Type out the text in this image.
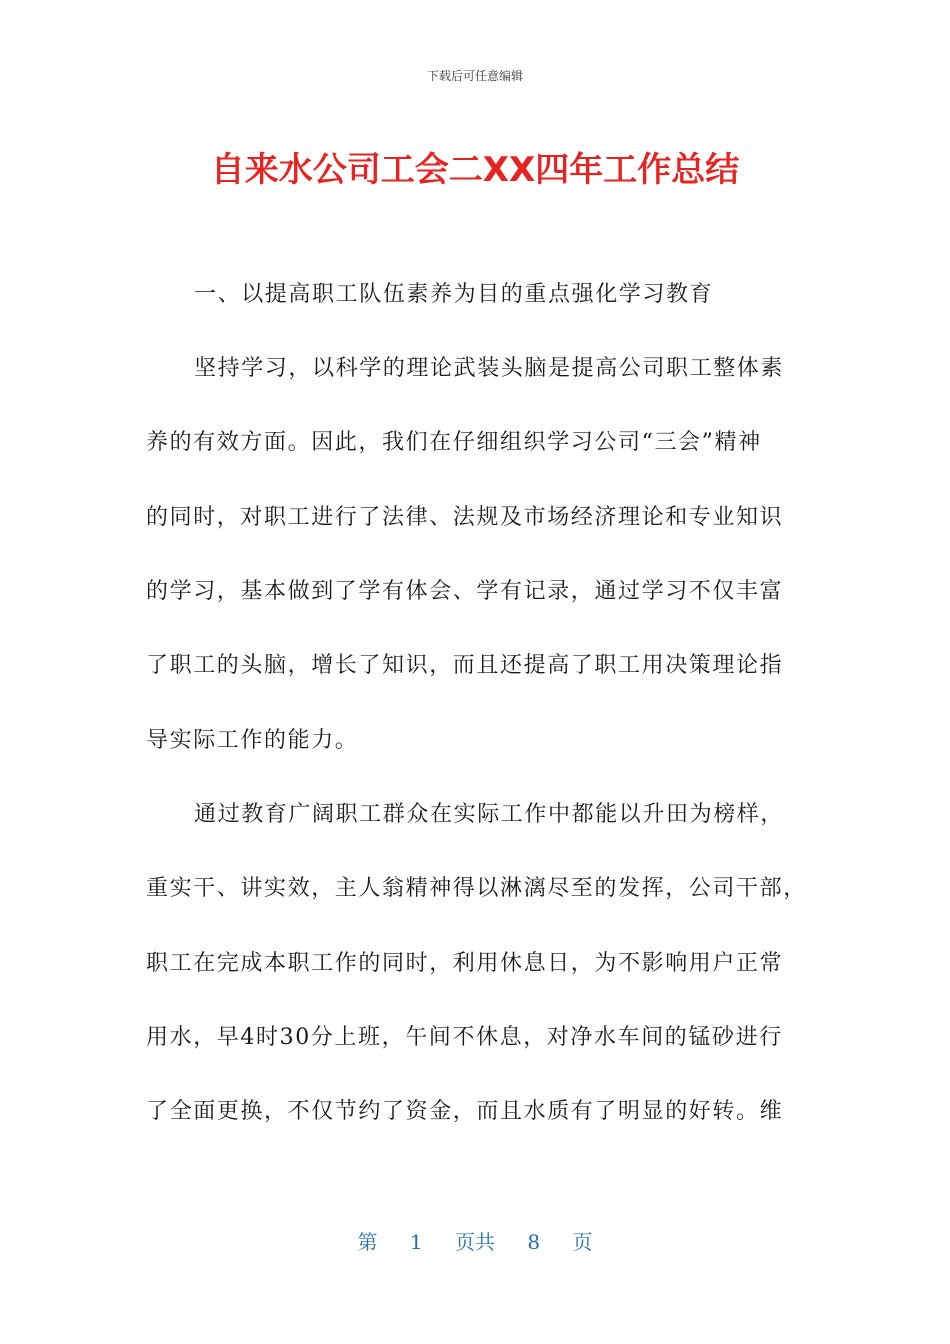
下载后可任意编辑
自来水公司工会二XX四年工作总结
一、以提高职工队伍素养为目的重点强化学习教育
坚持学习，以科学的理论武装头脑是提高公司职工整体素
养的有效方面。因此，我们在仔细组织学习公司“三会”精神
的同时，对职工进行了法律、法规及市场经济理论和专业知识
的学习，基本做到了学有体会、学有记录，通过学习不仅丰富
了职工的头脑，增长了知识，而且还提高了职工用决策理论指
导实际工作的能力。
通过教育广阔职工群众在实际工作中都能以升田为榜样，
重实干、讲实效，主人翁精神得以淋漓尽至的发挥，公司干部，
职工在完成本职工作的同时，利用休息日，为不影响用户正常
用水，早4时30分上班，午间不休息，对净水车间的锰砂进行
了全面更换，不仅节约了资金，而且水质有了明显的好转。维
第 1 页共 8 页
